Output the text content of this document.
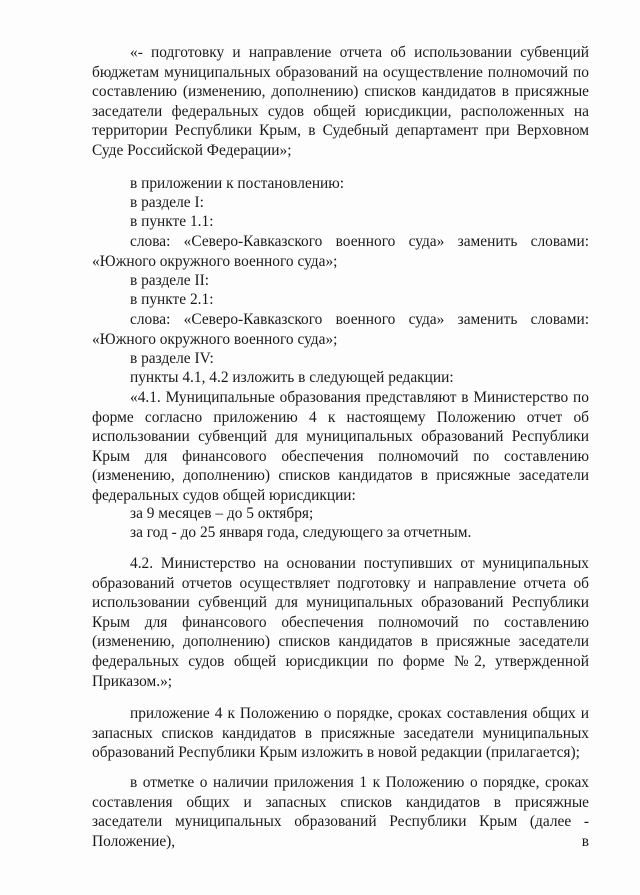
«- подготовку и направление отчета об использовании субвенций бюджетам муниципальных образований на осуществление полномочий по составлению (изменению, дополнению) списков кандидатов в присяжные заседатели федеральных судов общей юрисдикции, расположенных на территории Республики Крым, в Судебный департамент при Верховном Суде Российской Федерации»;

в приложении к постановлению:

в разделе I:

в пункте 1.1:

слова: «Северо-Кавказского военного суда» заменить словами: «Южного окружного военного суда»;

в разделе II:

в пункте 2.1:

слова: «Северо-Кавказского военного суда» заменить словами: «Южного окружного военного суда»;

в разделе IV:

пункты 4.1, 4.2 изложить в следующей редакции:

«4.1. Муниципальные образования представляют в Министерство по форме согласно приложению 4 к настоящему Положению отчет об использовании субвенций для муниципальных образований Республики Крым для финансового обеспечения полномочий по составлению (изменению, дополнению) списков кандидатов в присяжные заседатели федеральных судов общей юрисдикции:

за 9 месяцев – до 5 октября;

за год - до 25 января года, следующего за отчетным.

4.2. Министерство на основании поступивших от муниципальных образований отчетов осуществляет подготовку и направление отчета об использовании субвенций для муниципальных образований Республики Крым для финансового обеспечения полномочий по составлению (изменению, дополнению) списков кандидатов в присяжные заседатели федеральных судов общей юрисдикции по форме №2, утвержденной Приказом.»;

приложение 4 к Положению о порядке, сроках составления общих и запасных списков кандидатов в присяжные заседатели муниципальных образований Республики Крым изложить в новой редакции (прилагается);

в отметке о наличии приложения 1 к Положению о порядке, сроках составления общих и запасных списков кандидатов в присяжные заседатели муниципальных образований Республики Крым (далее - Положение), в
